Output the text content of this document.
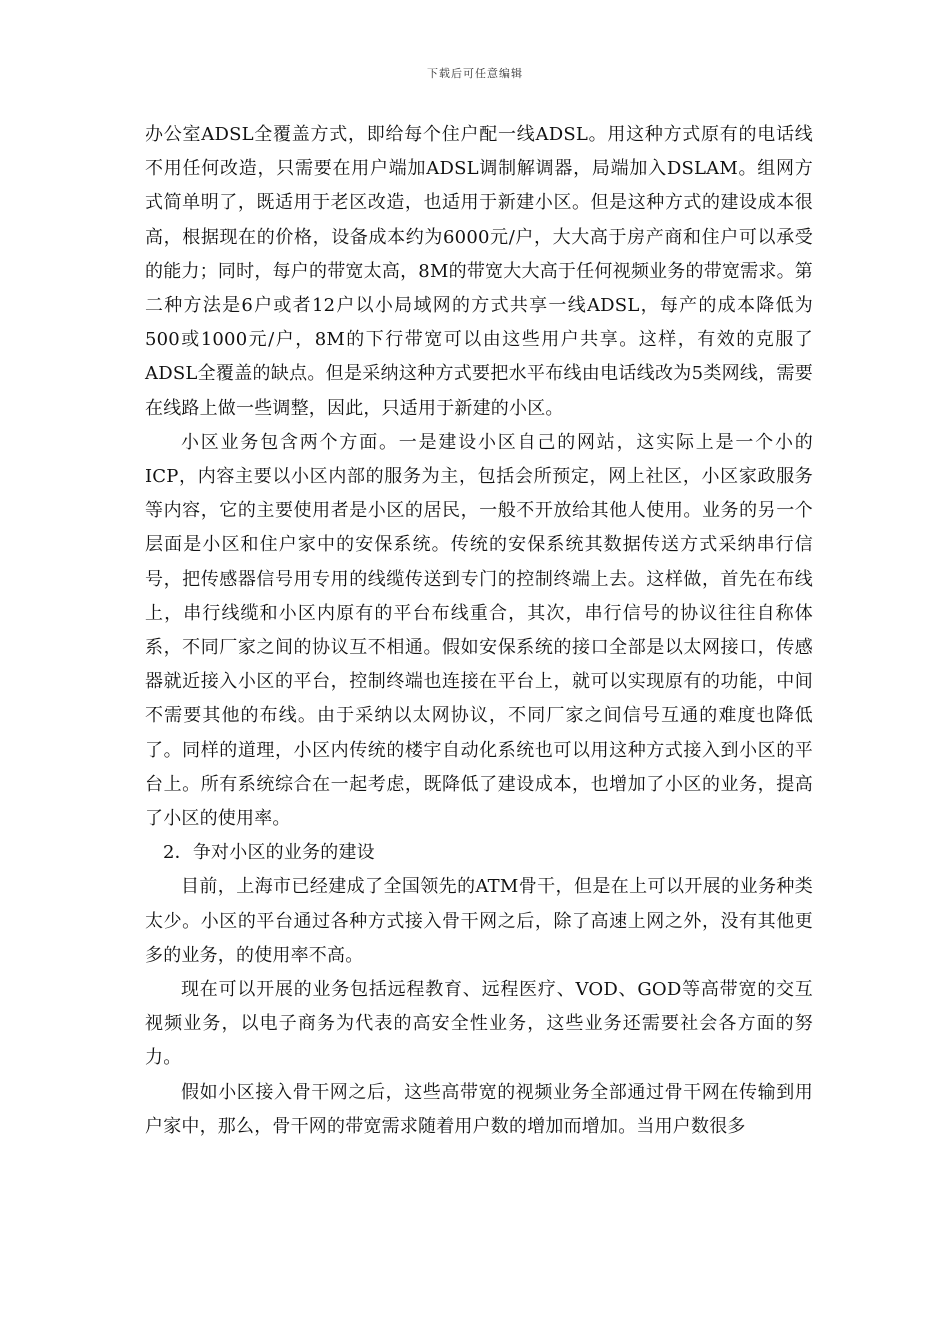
下载后可任意编辑

办公室ADSL全覆盖方式，即给每个住户配一线ADSL。用这种方式原有的电话线不用任何改造，只需要在用户端加ADSL调制解调器，局端加入DSLAM。组网方式简单明了，既适用于老区改造，也适用于新建小区。但是这种方式的建设成本很高，根据现在的价格，设备成本约为6000元/户，大大高于房产商和住户可以承受的能力；同时，每户的带宽太高，8M的带宽大大高于任何视频业务的带宽需求。第二种方法是6户或者12户以小局域网的方式共享一线ADSL，每产的成本降低为500或1000元/户，8M的下行带宽可以由这些用户共享。这样，有效的克服了ADSL全覆盖的缺点。但是采纳这种方式要把水平布线由电话线改为5类网线，需要在线路上做一些调整，因此，只适用于新建的小区。

小区业务包含两个方面。一是建设小区自己的网站，这实际上是一个小的ICP，内容主要以小区内部的服务为主，包括会所预定，网上社区，小区家政服务等内容，它的主要使用者是小区的居民，一般不开放给其他人使用。业务的另一个层面是小区和住户家中的安保系统。传统的安保系统其数据传送方式采纳串行信号，把传感器信号用专用的线缆传送到专门的控制终端上去。这样做，首先在布线上，串行线缆和小区内原有的平台布线重合，其次，串行信号的协议往往自称体系，不同厂家之间的协议互不相通。假如安保系统的接口全部是以太网接口，传感器就近接入小区的平台，控制终端也连接在平台上，就可以实现原有的功能，中间不需要其他的布线。由于采纳以太网协议，不同厂家之间信号互通的难度也降低了。同样的道理，小区内传统的楼宇自动化系统也可以用这种方式接入到小区的平台上。所有系统综合在一起考虑，既降低了建设成本，也增加了小区的业务，提高了小区的使用率。

2．争对小区的业务的建设

目前，上海市已经建成了全国领先的ATM骨干，但是在上可以开展的业务种类太少。小区的平台通过各种方式接入骨干网之后，除了高速上网之外，没有其他更多的业务，的使用率不高。

现在可以开展的业务包括远程教育、远程医疗、VOD、GOD等高带宽的交互视频业务，以电子商务为代表的高安全性业务，这些业务还需要社会各方面的努力。

假如小区接入骨干网之后，这些高带宽的视频业务全部通过骨干网在传输到用户家中，那么，骨干网的带宽需求随着用户数的增加而增加。当用户数很多
